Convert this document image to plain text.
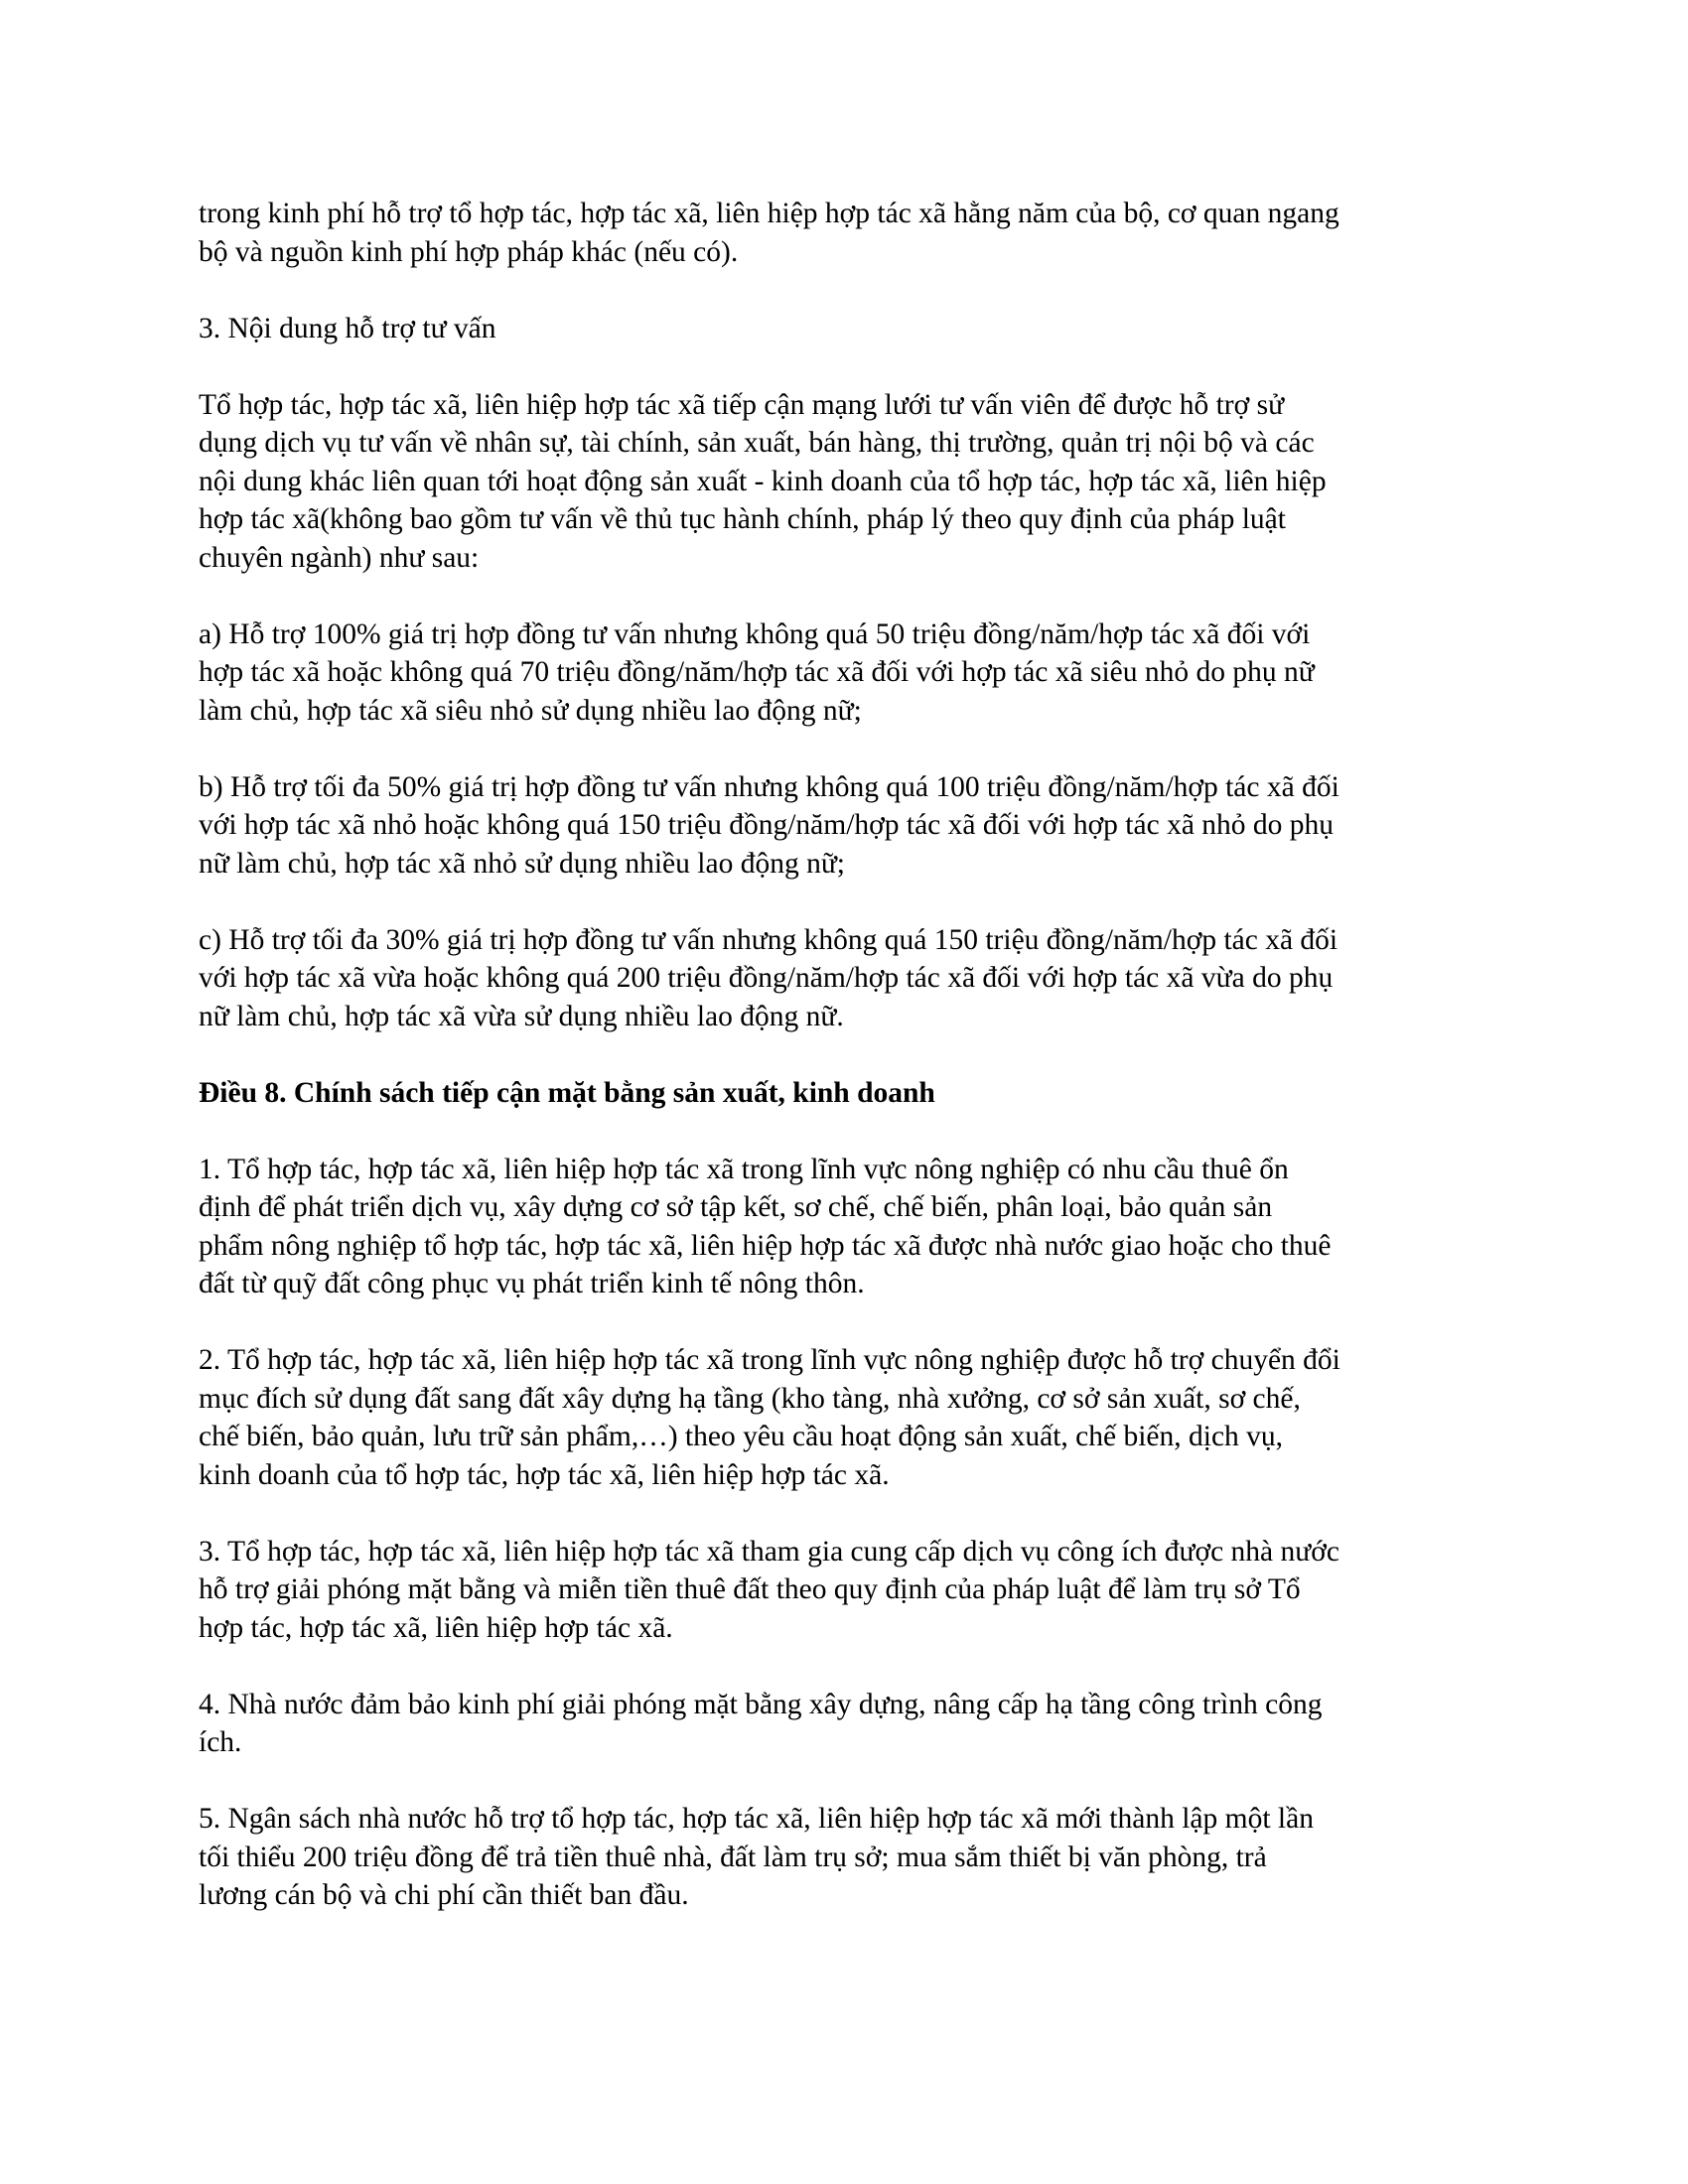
trong kinh phí hỗ trợ tổ hợp tác, hợp tác xã, liên hiệp hợp tác xã hằng năm của bộ, cơ quan ngang
bộ và nguồn kinh phí hợp pháp khác (nếu có).

3. Nội dung hỗ trợ tư vấn

Tổ hợp tác, hợp tác xã, liên hiệp hợp tác xã tiếp cận mạng lưới tư vấn viên để được hỗ trợ sử
dụng dịch vụ tư vấn về nhân sự, tài chính, sản xuất, bán hàng, thị trường, quản trị nội bộ và các
nội dung khác liên quan tới hoạt động sản xuất - kinh doanh của tổ hợp tác, hợp tác xã, liên hiệp
hợp tác xã(không bao gồm tư vấn về thủ tục hành chính, pháp lý theo quy định của pháp luật
chuyên ngành) như sau:

a) Hỗ trợ 100% giá trị hợp đồng tư vấn nhưng không quá 50 triệu đồng/năm/hợp tác xã đối với
hợp tác xã hoặc không quá 70 triệu đồng/năm/hợp tác xã đối với hợp tác xã siêu nhỏ do phụ nữ
làm chủ, hợp tác xã siêu nhỏ sử dụng nhiều lao động nữ;

b) Hỗ trợ tối đa 50% giá trị hợp đồng tư vấn nhưng không quá 100 triệu đồng/năm/hợp tác xã đối
với hợp tác xã nhỏ hoặc không quá 150 triệu đồng/năm/hợp tác xã đối với hợp tác xã nhỏ do phụ
nữ làm chủ, hợp tác xã nhỏ sử dụng nhiều lao động nữ;

c) Hỗ trợ tối đa 30% giá trị hợp đồng tư vấn nhưng không quá 150 triệu đồng/năm/hợp tác xã đối
với hợp tác xã vừa hoặc không quá 200 triệu đồng/năm/hợp tác xã đối với hợp tác xã vừa do phụ
nữ làm chủ, hợp tác xã vừa sử dụng nhiều lao động nữ.

Điều 8. Chính sách tiếp cận mặt bằng sản xuất, kinh doanh

1. Tổ hợp tác, hợp tác xã, liên hiệp hợp tác xã trong lĩnh vực nông nghiệp có nhu cầu thuê ổn
định để phát triển dịch vụ, xây dựng cơ sở tập kết, sơ chế, chế biến, phân loại, bảo quản sản
phẩm nông nghiệp tổ hợp tác, hợp tác xã, liên hiệp hợp tác xã được nhà nước giao hoặc cho thuê
đất từ quỹ đất công phục vụ phát triển kinh tế nông thôn.

2. Tổ hợp tác, hợp tác xã, liên hiệp hợp tác xã trong lĩnh vực nông nghiệp được hỗ trợ chuyển đổi
mục đích sử dụng đất sang đất xây dựng hạ tầng (kho tàng, nhà xưởng, cơ sở sản xuất, sơ chế,
chế biến, bảo quản, lưu trữ sản phẩm,…) theo yêu cầu hoạt động sản xuất, chế biến, dịch vụ,
kinh doanh của tổ hợp tác, hợp tác xã, liên hiệp hợp tác xã.

3. Tổ hợp tác, hợp tác xã, liên hiệp hợp tác xã tham gia cung cấp dịch vụ công ích được nhà nước
hỗ trợ giải phóng mặt bằng và miễn tiền thuê đất theo quy định của pháp luật để làm trụ sở Tổ
hợp tác, hợp tác xã, liên hiệp hợp tác xã.

4. Nhà nước đảm bảo kinh phí giải phóng mặt bằng xây dựng, nâng cấp hạ tầng công trình công
ích.

5. Ngân sách nhà nước hỗ trợ tổ hợp tác, hợp tác xã, liên hiệp hợp tác xã mới thành lập một lần
tối thiểu 200 triệu đồng để trả tiền thuê nhà, đất làm trụ sở; mua sắm thiết bị văn phòng, trả
lương cán bộ và chi phí cần thiết ban đầu.
